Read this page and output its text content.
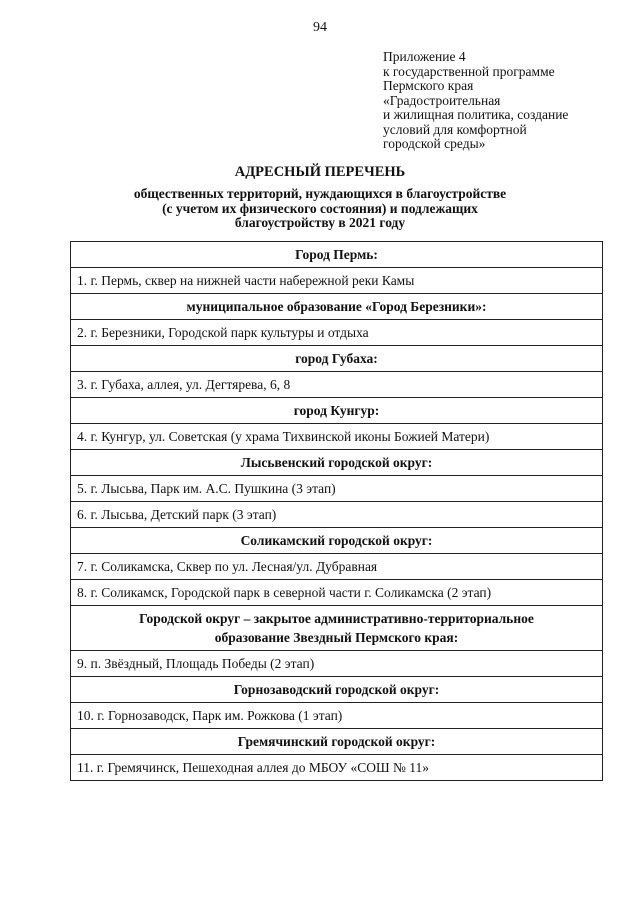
94
Приложение 4
к государственной программе
Пермского края
«Градостроительная
и жилищная политика, создание
условий для комфортной
городской среды»
АДРЕСНЫЙ ПЕРЕЧЕНЬ
общественных территорий, нуждающихся в благоустройстве
(с учетом их физического состояния) и подлежащих
благоустройству в 2021 году
Город Пермь:
1. г. Пермь, сквер на нижней части набережной реки Камы
муниципальное образование «Город Березники»:
2. г. Березники, Городской парк культуры и отдыха
город Губаха:
3. г. Губаха, аллея, ул. Дегтярева, 6, 8
город Кунгур:
4. г. Кунгур, ул. Советская (у храма Тихвинской иконы Божией Матери)
Лысьвенский городской округ:
5. г. Лысьва, Парк им. А.С. Пушкина (3 этап)
6. г. Лысьва, Детский парк (3 этап)
Соликамский городской округ:
7. г. Соликамска, Сквер по ул. Лесная/ул. Дубравная
8. г. Соликамск, Городской парк в северной части г. Соликамска (2 этап)

Городской округ – закрытое административно-территориальное
образование Звездный Пермского края:

9. п. Звёздный, Площадь Победы (2 этап)
Горнозаводский городской округ:
10. г. Горнозаводск, Парк им. Рожкова (1 этап)
Гремячинский городской округ:
11. г. Гремячинск, Пешеходная аллея до МБОУ «СОШ № 11»
